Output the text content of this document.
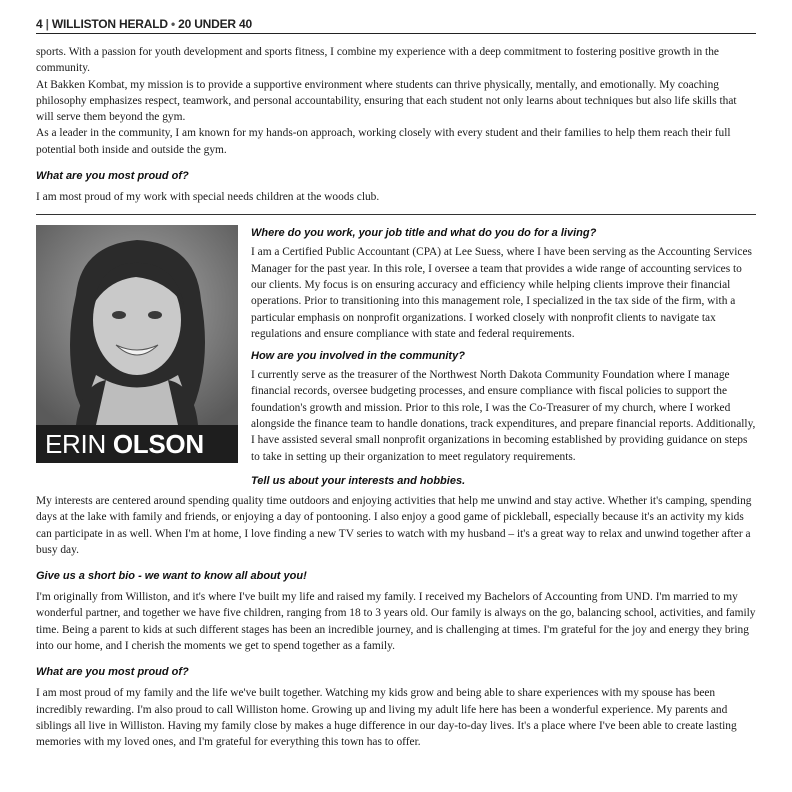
4 | WILLISTON HERALD • 20 UNDER 40

sports. With a passion for youth development and sports fitness, I combine my experience with a deep commitment to fostering positive growth in the community.

At Bakken Kombat, my mission is to provide a supportive environment where students can thrive physically, mentally, and emotionally. My coaching philosophy emphasizes respect, teamwork, and personal accountability, ensuring that each student not only learns about techniques but also life skills that will serve them beyond the gym.

As a leader in the community, I am known for my hands-on approach, working closely with every student and their families to help them reach their full potential both inside and outside the gym.

What are you most proud of?

I am most proud of my work with special needs children at the woods club.

ERIN OLSON

Where do you work, your job title and what do you do for a living?

I am a Certified Public Accountant (CPA) at Lee Suess, where I have been serving as the Accounting Services Manager for the past year. In this role, I oversee a team that provides a wide range of accounting services to our clients. My focus is on ensuring accuracy and efficiency while helping clients improve their financial operations. Prior to transitioning into this management role, I specialized in the tax side of the firm, with a particular emphasis on nonprofit organizations. I worked closely with nonprofit clients to navigate tax regulations and ensure compliance with state and federal requirements.

How are you involved in the community?

I currently serve as the treasurer of the Northwest North Dakota Community Foundation where I manage financial records, oversee budgeting processes, and ensure compliance with fiscal policies to support the foundation's growth and mission. Prior to this role, I was the Co-Treasurer of my church, where I worked alongside the finance team to handle donations, track expenditures, and prepare financial reports. Additionally, I have assisted several small nonprofit organizations in becoming established by providing guidance on steps to take in setting up their organization to meet regulatory requirements.

Tell us about your interests and hobbies.

My interests are centered around spending quality time outdoors and enjoying activities that help me unwind and stay active. Whether it's camping, spending days at the lake with family and friends, or enjoying a day of pontooning. I also enjoy a good game of pickleball, especially because it's an activity my kids can participate in as well. When I'm at home, I love finding a new TV series to watch with my husband – it's a great way to relax and unwind together after a busy day.

Give us a short bio - we want to know all about you!

I'm originally from Williston, and it's where I've built my life and raised my family. I received my Bachelors of Accounting from UND. I'm married to my wonderful partner, and together we have five children, ranging from 18 to 3 years old. Our family is always on the go, balancing school, activities, and family time. Being a parent to kids at such different stages has been an incredible journey, and is challenging at times. I'm grateful for the joy and energy they bring into our home, and I cherish the moments we get to spend together as a family.

What are you most proud of?

I am most proud of my family and the life we've built together. Watching my kids grow and being able to share experiences with my spouse has been incredibly rewarding. I'm also proud to call Williston home. Growing up and living my adult life here has been a wonderful experience. My parents and siblings all live in Williston. Having my family close by makes a huge difference in our day-to-day lives. It's a place where I've been able to create lasting memories with my loved ones, and I'm grateful for everything this town has to offer.
